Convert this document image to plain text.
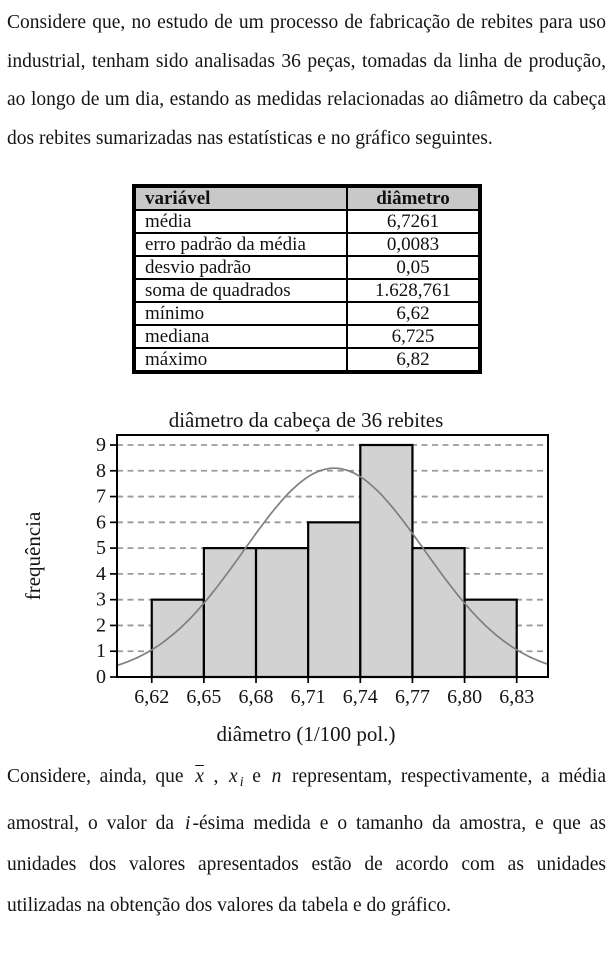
Considere que, no estudo de um processo de fabricação de rebites para uso industrial, tenham sido analisadas 36 peças, tomadas da linha de produção, ao longo de um dia, estando as medidas relacionadas ao diâmetro da cabeça dos rebites sumarizadas nas estatísticas e no gráfico seguintes.

variável	diâmetro
média	6,7261
erro padrão da média	0,0083
desvio padrão	0,05
soma de quadrados	1.628,761
mínimo	6,62
mediana	6,725
máximo	6,82
diâmetro da cabeça de 36 rebites
0
1
2
3
4
5
6
7
8
9
6,62 6,65 6,68 6,71 6,74 6,77 6,80 6,83
diâmetro (1/100 pol.)
frequência

Considere, ainda, que $\overline{x}$ , x $_i$ e n representam, respectivamente, a média amostral, o valor da i -ésima medida e o tamanho da amostra, e que as unidades dos valores apresentados estão de acordo com as unidades utilizadas na obtenção dos valores da tabela e do gráfico.
